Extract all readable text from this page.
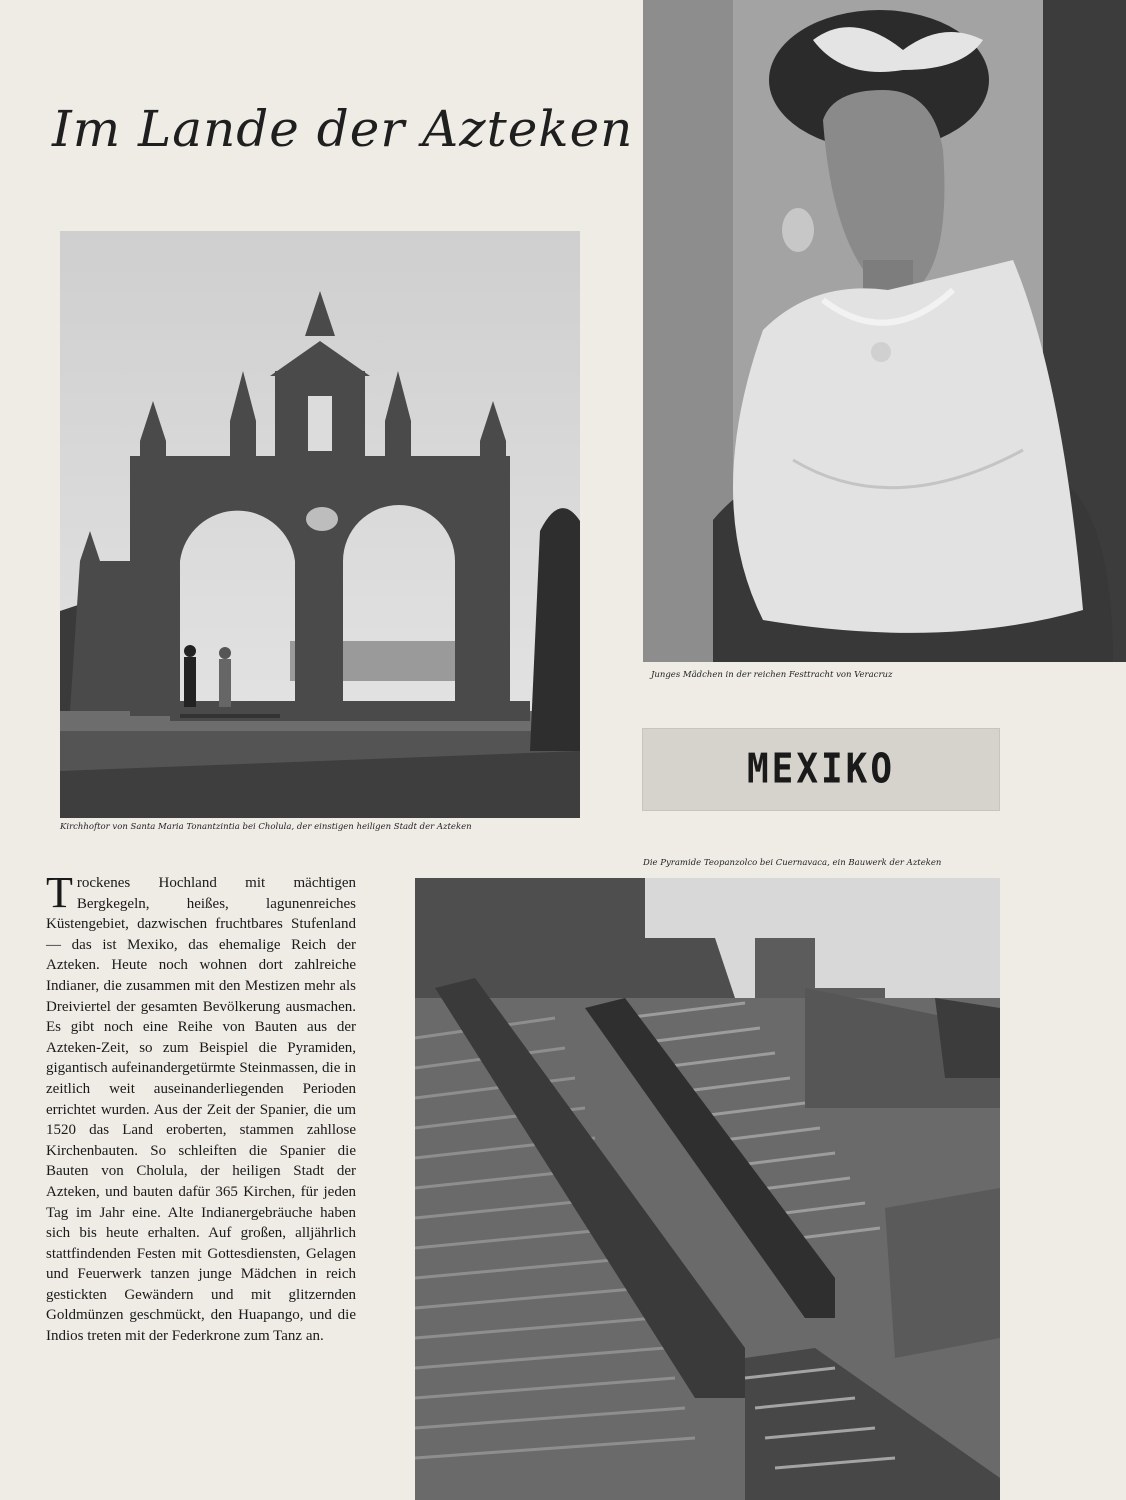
Im Lande der Azteken
Kirchhoftor von Santa Maria Tonantzintia bei Cholula, der einstigen heiligen Stadt der Azteken
Junges Mädchen in der reichen Festtracht von Veracruz
MEXIKO
Die Pyramide Teopanzolco bei Cuernavaca, ein Bauwerk der Azteken
Trockenes Hochland mit mächtigen Bergkegeln, heißes, lagunenreiches Küstengebiet, dazwischen fruchtbares Stufenland — das ist Mexiko, das ehemalige Reich der Azteken. Heute noch wohnen dort zahlreiche Indianer, die zusammen mit den Mestizen mehr als Dreiviertel der gesamten Bevölkerung ausmachen. Es gibt noch eine Reihe von Bauten aus der Azteken-Zeit, so zum Beispiel die Pyramiden, gigantisch aufeinandergetürmte Steinmassen, die in zeitlich weit auseinanderliegenden Perioden errichtet wurden. Aus der Zeit der Spanier, die um 1520 das Land eroberten, stammen zahllose Kirchenbauten. So schleiften die Spanier die Bauten von Cholula, der heiligen Stadt der Azteken, und bauten dafür 365 Kirchen, für jeden Tag im Jahr eine. Alte Indianergebräuche haben sich bis heute erhalten. Auf großen, alljährlich stattfindenden Festen mit Gottesdiensten, Gelagen und Feuerwerk tanzen junge Mädchen in reich gestickten Gewändern und mit glitzernden Goldmünzen geschmückt, den Huapango, und die Indios treten mit der Federkrone zum Tanz an.
